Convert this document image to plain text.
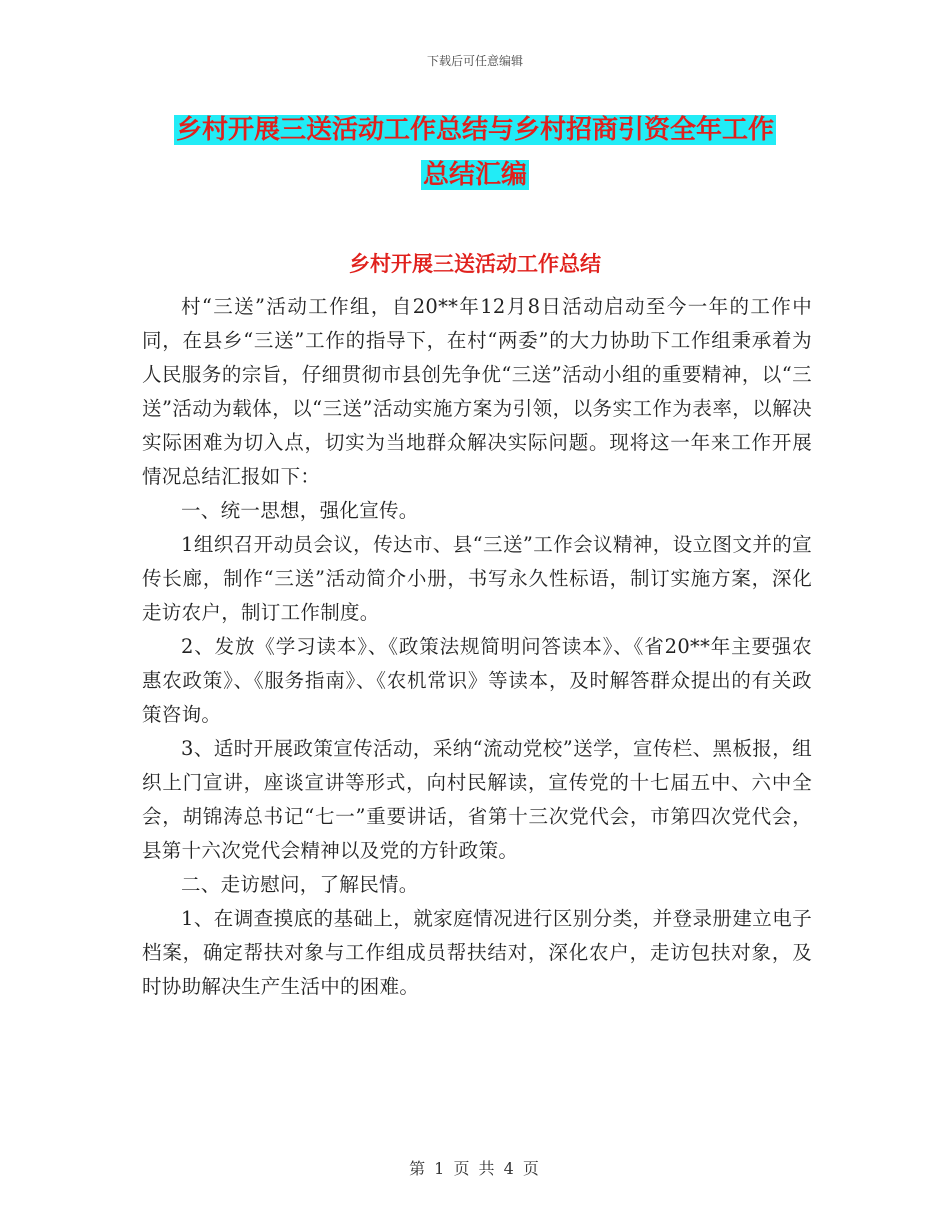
下载后可任意编辑
乡村开展三送活动工作总结与乡村招商引资全年工作
总结汇编
乡村开展三送活动工作总结

村“三送”活动工作组，自20**年12月8日活动启动至今一年的工作中同，在县乡“三送”工作的指导下，在村“两委”的大力协助下工作组秉承着为人民服务的宗旨，仔细贯彻市县创先争优“三送”活动小组的重要精神，以“三送”活动为载体，以“三送”活动实施方案为引领，以务实工作为表率，以解决实际困难为切入点，切实为当地群众解决实际问题。现将这一年来工作开展情况总结汇报如下：

一、统一思想，强化宣传。

1组织召开动员会议，传达市、县“三送”工作会议精神，设立图文并的宣传长廊，制作“三送”活动简介小册，书写永久性标语，制订实施方案，深化走访农户，制订工作制度。

2、发放《学习读本》、《政策法规简明问答读本》、《省20**年主要强农惠农政策》、《服务指南》、《农机常识》等读本，及时解答群众提出的有关政策咨询。

3、适时开展政策宣传活动，采纳“流动党校”送学，宣传栏、黑板报，组织上门宣讲，座谈宣讲等形式，向村民解读，宣传党的十七届五中、六中全会，胡锦涛总书记“七一”重要讲话，省第十三次党代会，市第四次党代会，县第十六次党代会精神以及党的方针政策。

二、走访慰问，了解民情。

1、在调查摸底的基础上，就家庭情况进行区别分类，并登录册建立电子档案，确定帮扶对象与工作组成员帮扶结对，深化农户，走访包扶对象，及时协助解决生产生活中的困难。

第 1 页 共 4 页
